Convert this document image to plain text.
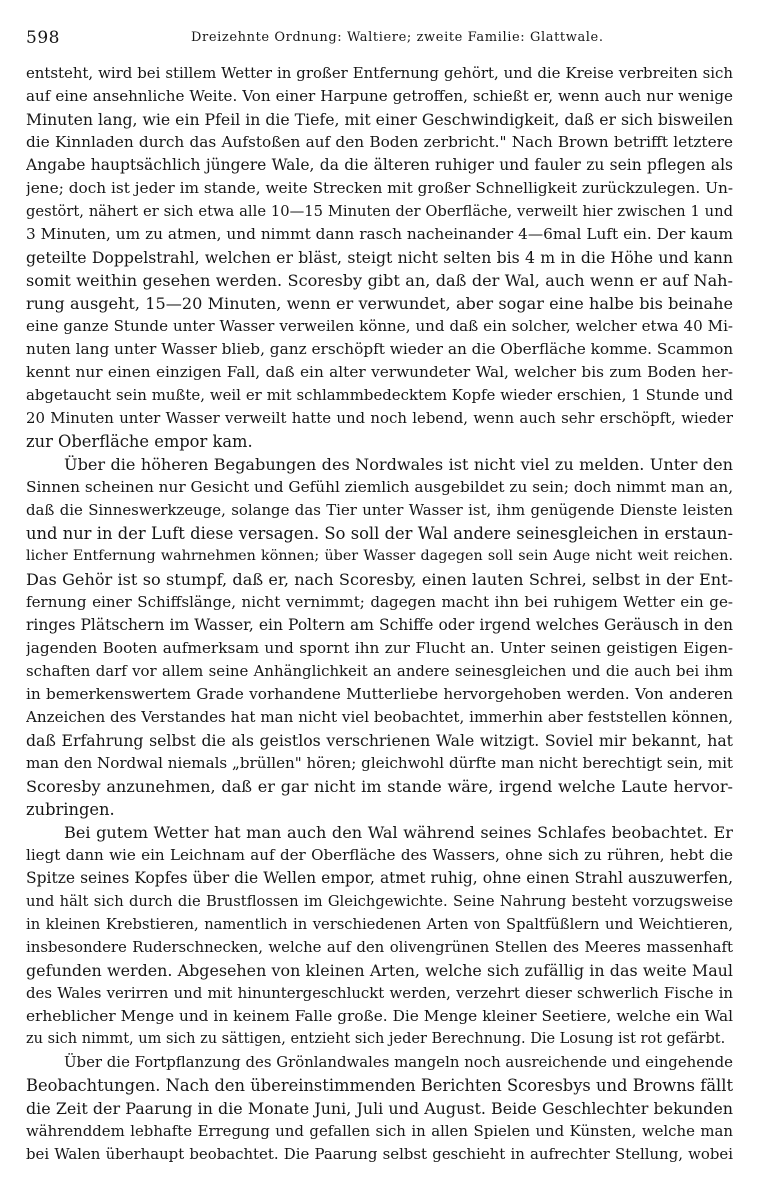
598	Dreizehnte Ordnung: Waltiere; zweite Familie: Glattwale.
entsteht, wird bei stillem Wetter in großer Entfernung gehört, und die Kreise verbreiten sich
auf eine ansehnliche Weite. Von einer Harpune getroffen, schießt er, wenn auch nur wenige
Minuten lang, wie ein Pfeil in die Tiefe, mit einer Geschwindigkeit, daß er sich bisweilen
die Kinnladen durch das Aufstoßen auf den Boden zerbricht." Nach Brown betrifft letztere
Angabe hauptsächlich jüngere Wale, da die älteren ruhiger und fauler zu sein pflegen als
jene; doch ist jeder im stande, weite Strecken mit großer Schnelligkeit zurückzulegen. Un-
gestört, nähert er sich etwa alle 10—15 Minuten der Oberfläche, verweilt hier zwischen 1 und
3 Minuten, um zu atmen, und nimmt dann rasch nacheinander 4—6mal Luft ein. Der kaum
geteilte Doppelstrahl, welchen er bläst, steigt nicht selten bis 4 m in die Höhe und kann
somit weithin gesehen werden. Scoresby gibt an, daß der Wal, auch wenn er auf Nah-
rung ausgeht, 15—20 Minuten, wenn er verwundet, aber sogar eine halbe bis beinahe
eine ganze Stunde unter Wasser verweilen könne, und daß ein solcher, welcher etwa 40 Mi-
nuten lang unter Wasser blieb, ganz erschöpft wieder an die Oberfläche komme. Scammon
kennt nur einen einzigen Fall, daß ein alter verwundeter Wal, welcher bis zum Boden her-
abgetaucht sein mußte, weil er mit schlammbedecktem Kopfe wieder erschien, 1 Stunde und
20 Minuten unter Wasser verweilt hatte und noch lebend, wenn auch sehr erschöpft, wieder
zur Oberfläche empor kam.
Über die höheren Begabungen des Nordwales ist nicht viel zu melden. Unter den
Sinnen scheinen nur Gesicht und Gefühl ziemlich ausgebildet zu sein; doch nimmt man an,
daß die Sinneswerkzeuge, solange das Tier unter Wasser ist, ihm genügende Dienste leisten
und nur in der Luft diese versagen. So soll der Wal andere seinesgleichen in erstaun-
licher Entfernung wahrnehmen können; über Wasser dagegen soll sein Auge nicht weit reichen.
Das Gehör ist so stumpf, daß er, nach Scoresby, einen lauten Schrei, selbst in der Ent-
fernung einer Schiffslänge, nicht vernimmt; dagegen macht ihn bei ruhigem Wetter ein ge-
ringes Plätschern im Wasser, ein Poltern am Schiffe oder irgend welches Geräusch in den
jagenden Booten aufmerksam und spornt ihn zur Flucht an. Unter seinen geistigen Eigen-
schaften darf vor allem seine Anhänglichkeit an andere seinesgleichen und die auch bei ihm
in bemerkenswertem Grade vorhandene Mutterliebe hervorgehoben werden. Von anderen
Anzeichen des Verstandes hat man nicht viel beobachtet, immerhin aber feststellen können,
daß Erfahrung selbst die als geistlos verschrienen Wale witzigt. Soviel mir bekannt, hat
man den Nordwal niemals „brüllen" hören; gleichwohl dürfte man nicht berechtigt sein, mit
Scoresby anzunehmen, daß er gar nicht im stande wäre, irgend welche Laute hervor-
zubringen.
Bei gutem Wetter hat man auch den Wal während seines Schlafes beobachtet. Er
liegt dann wie ein Leichnam auf der Oberfläche des Wassers, ohne sich zu rühren, hebt die
Spitze seines Kopfes über die Wellen empor, atmet ruhig, ohne einen Strahl auszuwerfen,
und hält sich durch die Brustflossen im Gleichgewichte. Seine Nahrung besteht vorzugsweise
in kleinen Krebstieren, namentlich in verschiedenen Arten von Spaltfüßlern und Weichtieren,
insbesondere Ruderschnecken, welche auf den olivengrünen Stellen des Meeres massenhaft
gefunden werden. Abgesehen von kleinen Arten, welche sich zufällig in das weite Maul
des Wales verirren und mit hinuntergeschluckt werden, verzehrt dieser schwerlich Fische in
erheblicher Menge und in keinem Falle große. Die Menge kleiner Seetiere, welche ein Wal
zu sich nimmt, um sich zu sättigen, entzieht sich jeder Berechnung. Die Losung ist rot gefärbt.
Über die Fortpflanzung des Grönlandwales mangeln noch ausreichende und eingehende
Beobachtungen. Nach den übereinstimmenden Berichten Scoresbys und Browns fällt
die Zeit der Paarung in die Monate Juni, Juli und August. Beide Geschlechter bekunden
währenddem lebhafte Erregung und gefallen sich in allen Spielen und Künsten, welche man
bei Walen überhaupt beobachtet. Die Paarung selbst geschieht in aufrechter Stellung, wobei
